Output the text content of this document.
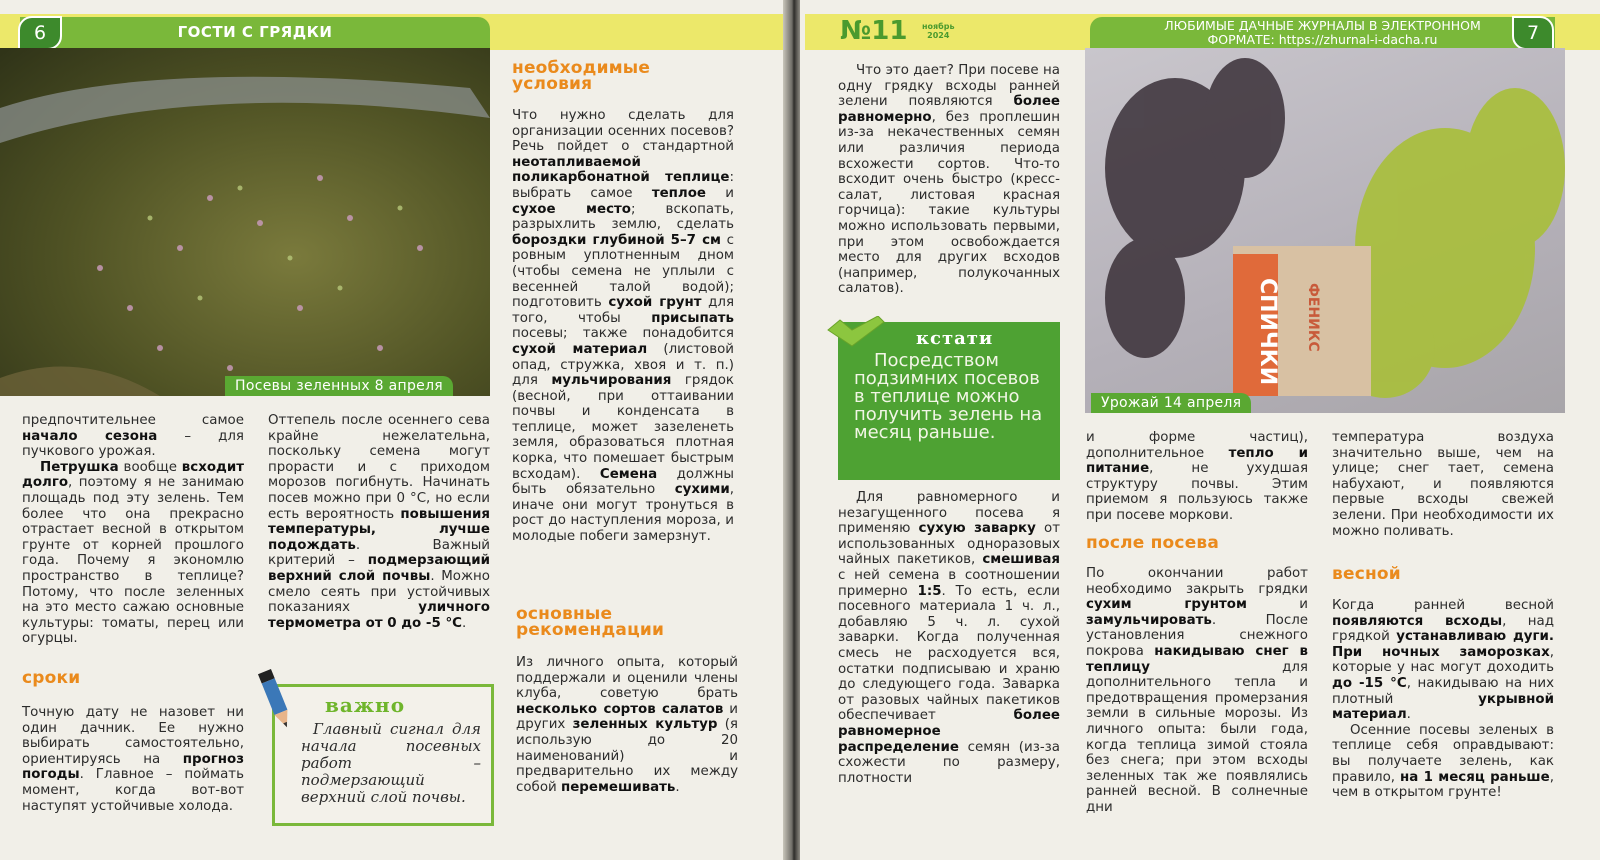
ГОСТИ С ГРЯДКИ
6
Посевы зеленных 8 апреля

предпочтительнее самое начало сезона – для пучкового урожая.

Петрушка вообще всходит долго, поэтому я не занимаю площадь под эту зелень. Тем более что она прекрасно отрастает весной в открытом грунте от корней прошлого года. Почему я экономлю пространство в теплице? Потому, что после зеленных на это место сажаю основные культуры: томаты, перец или огурцы.

сроки

Точную дату не назовет ни один дачник. Ее нужно выбирать самостоятельно, ориентируясь на прогноз погоды. Главное – поймать момент, когда вот-вот наступят устойчивые холода.

Оттепель после осеннего сева крайне нежелательна, поскольку семена могут прорасти и с приходом морозов погибнуть. Начинать посев можно при 0 °С, но если есть вероятность повышения температуры, лучше подождать. Важный критерий – подмерзающий верхний слой почвы. Можно смело сеять при устойчивых показаниях уличного термометра от 0 до -5 °С.

важно
Главный сигнал для начала посевных работ – подмерзающий верхний слой почвы.
необходимые условия

Что нужно сделать для организации осенних посевов? Речь пойдет о стандартной неотапливаемой поликарбонатной теплице: выбрать самое теплое и сухое место; вскопать, разрыхлить землю, сделать бороздки глубиной 5–7 см с ровным уплотненным дном (чтобы семена не уплыли с весенней талой водой); подготовить сухой грунт для того, чтобы присыпать посевы; также понадобится сухой материал (листовой опад, стружка, хвоя и т. п.) для мульчирования грядок (весной, при оттаивании почвы и конденсата в теплице, может зазеленеть земля, образоваться плотная корка, что помешает быстрым всходам). Семена должны быть обязательно сухими, иначе они могут тронуться в рост до наступления мороза, и молодые побеги замерзнут.

основные рекомендации

Из личного опыта, который поддержали и оценили члены клуба, советую брать несколько сортов салатов и других зеленных культур (я использую до 20 наименований) и предварительно их между собой перемешивать.

№11 ноябрь
2024
ЛЮБИМЫЕ ДАЧНЫЕ ЖУРНАЛЫ В ЭЛЕКТРОННОМ
ФОРМАТЕ: https://zhurnal-i-dacha.ru	7
СПИЧКИ ФЕНИКС
Урожай 14 апреля

Что это дает? При посеве на одну грядку всходы ранней зелени появляются более равномерно, без проплешин из-за некачественных семян или различия периода всхожести сортов. Что-то всходит очень быстро (кресс-салат, листовая красная горчица): такие культуры можно использовать первыми, при этом освобождается место для других всходов (например, полукочанных салатов).

кстати
Посредством подзимних посевов в теплице можно получить зелень на месяц раньше.

Для равномерного и незагущенного посева я применяю сухую заварку от использованных одноразовых чайных пакетиков, смешивая с ней семена в соотношении примерно 1:5. То есть, если посевного материала 1 ч. л., добавляю 5 ч. л. сухой заварки. Когда полученная смесь не расходуется вся, остатки подписываю и храню до следующего года. Заварка от разовых чайных пакетиков обеспечивает более равномерное распределение семян (из-за схожести по размеру, плотности

и форме частиц), дополнительное тепло и питание, не ухудшая структуру почвы. Этим приемом я пользуюсь также при посеве моркови.

после посева

По окончании работ необходимо закрыть грядки сухим грунтом и замульчировать. После установления снежного покрова накидываю снег в теплицу для дополнительного тепла и предотвращения промерзания земли в сильные морозы. Из личного опыта: были года, когда теплица зимой стояла без снега; при этом всходы зеленных так же появлялись ранней весной. В солнечные дни

температура воздуха значительно выше, чем на улице; снег тает, семена набухают, и появляются первые всходы свежей зелени. При необходимости их можно поливать.

весной

Когда ранней весной появляются всходы, над грядкой устанавливаю дуги. При ночных заморозках, которые у нас могут доходить до -15 °С, накидываю на них плотный укрывной материал.

Осенние посевы зеленых в теплице себя оправдывают: вы получаете зелень, как правило, на 1 месяц раньше, чем в открытом грунте!
